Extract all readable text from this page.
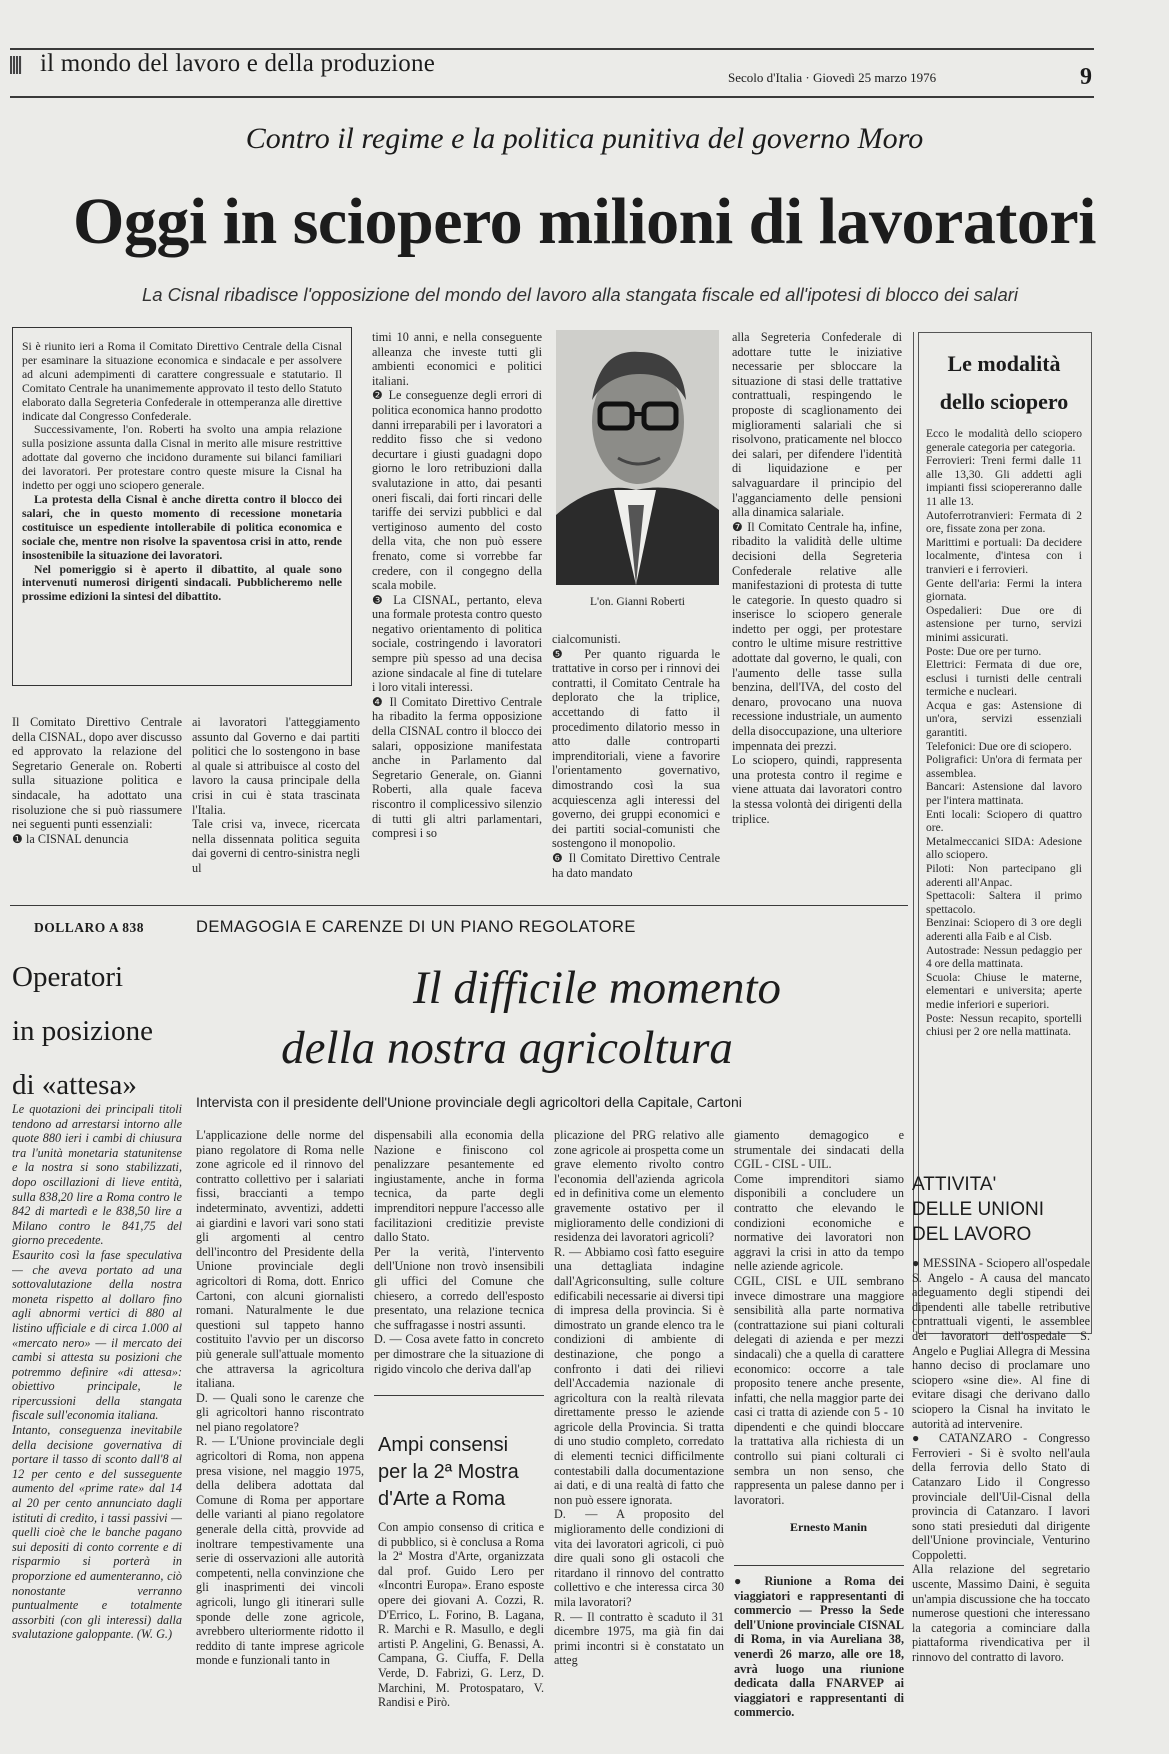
il mondo del lavoro e della produzione
Secolo d'Italia · Giovedì 25 marzo 1976	9
Contro il regime e la politica punitiva del governo Moro
Oggi in sciopero milioni di lavoratori
La Cisnal ribadisce l'opposizione del mondo del lavoro alla stangata fiscale ed all'ipotesi di blocco dei salari

Si è riunito ieri a Roma il Comitato Direttivo Centrale della Cisnal per esaminare la situazione economica e sindacale e per assolvere ad alcuni adempimenti di carattere congressuale e statutario. Il Comitato Centrale ha unanimemente approvato il testo dello Statuto elaborato dalla Segreteria Confederale in ottemperanza alle direttive indicate dal Congresso Confederale.

Successivamente, l'on. Roberti ha svolto una ampia relazione sulla posizione assunta dalla Cisnal in merito alle misure restrittive adottate dal governo che incidono duramente sui bilanci familiari dei lavoratori. Per protestare contro queste misure la Cisnal ha indetto per oggi uno sciopero generale.

La protesta della Cisnal è anche diretta contro il blocco dei salari, che in questo momento di recessione monetaria costituisce un espediente intollerabile di politica economica e sociale che, mentre non risolve la spaventosa crisi in atto, rende insostenibile la situazione dei lavoratori.

Nel pomeriggio si è aperto il dibattito, al quale sono intervenuti numerosi dirigenti sindacali. Pubblicheremo nelle prossime edizioni la sintesi del dibattito.

Il Comitato Direttivo Centrale della CISNAL, dopo aver discusso ed approvato la relazione del Segretario Generale on. Roberti sulla situazione politica e sindacale, ha adottato una risoluzione che si può riassumere nei seguenti punti essenziali:
❶ la CISNAL denuncia
ai lavoratori l'atteggiamento assunto dal Governo e dai partiti politici che lo sostengono in base al quale si attribuisce al costo del lavoro la causa principale della crisi in cui è stata trascinata l'Italia.
Tale crisi va, invece, ricercata nella dissennata politica seguita dai governi di centro-sinistra negli ul
timi 10 anni, e nella conseguente alleanza che investe tutti gli ambienti economici e politici italiani.
❷ Le conseguenze degli errori di politica economica hanno prodotto danni irreparabili per i lavoratori a reddito fisso che si vedono decurtare i giusti guadagni dopo giorno le loro retribuzioni dalla svalutazione in atto, dai pesanti oneri fiscali, dai forti rincari delle tariffe dei servizi pubblici e dal vertiginoso aumento del costo della vita, che non può essere frenato, come si vorrebbe far credere, con il congegno della scala mobile.
❸ La CISNAL, pertanto, eleva una formale protesta contro questo negativo orientamento di politica sociale, costringendo i lavoratori sempre più spesso ad una decisa azione sindacale al fine di tutelare i loro vitali interessi.
❹ Il Comitato Direttivo Centrale ha ribadito la ferma opposizione della CISNAL contro il blocco dei salari, opposizione manifestata anche in Parlamento dal Segretario Generale, on. Gianni Roberti, alla quale faceva riscontro il complicessivo silenzio di tutti gli altri parlamentari, compresi i so
L'on. Gianni Roberti
cialcomunisti.
❺ Per quanto riguarda le trattative in corso per i rinnovi dei contratti, il Comitato Centrale ha deplorato che la triplice, accettando di fatto il procedimento dilatorio messo in atto dalle controparti imprenditoriali, viene a favorire l'orientamento governativo, dimostrando così la sua acquiescenza agli interessi del governo, dei gruppi economici e dei partiti social-comunisti che sostengono il monopolio.
❻ Il Comitato Direttivo Centrale ha dato mandato
alla Segreteria Confederale di adottare tutte le iniziative necessarie per sbloccare la situazione di stasi delle trattative contrattuali, respingendo le proposte di scaglionamento dei miglioramenti salariali che si risolvono, praticamente nel blocco dei salari, per difendere l'identità di liquidazione e per salvaguardare il principio del l'agganciamento delle pensioni alla dinamica salariale.
❼ Il Comitato Centrale ha, infine, ribadito la validità delle ultime decisioni della Segreteria Confederale relative alle manifestazioni di protesta di tutte le categorie. In questo quadro si inserisce lo sciopero generale indetto per oggi, per protestare contro le ultime misure restrittive adottate dal governo, le quali, con l'aumento delle tasse sulla benzina, dell'IVA, del costo del denaro, provocano una nuova recessione industriale, un aumento della disoccupazione, una ulteriore impennata dei prezzi.
Lo sciopero, quindi, rappresenta una protesta contro il regime e viene attuata dai lavoratori contro la stessa volontà dei dirigenti della triplice.
Le modalità
dello sciopero
Ecco le modalità dello sciopero generale categoria per categoria.
Ferrovieri: Treni fermi dalle 11 alle 13,30. Gli addetti agli impianti fissi sciopereranno dalle 11 alle 13.
Autoferrotranvieri: Fermata di 2 ore, fissate zona per zona.
Marittimi e portuali: Da decidere localmente, d'intesa con i tranvieri e i ferrovieri.
Gente dell'aria: Fermi la intera giornata.
Ospedalieri: Due ore di astensione per turno, servizi minimi assicurati.
Poste: Due ore per turno.
Elettrici: Fermata di due ore, esclusi i turnisti delle centrali termiche e nucleari.
Acqua e gas: Astensione di un'ora, servizi essenziali garantiti.
Telefonici: Due ore di sciopero.
Poligrafici: Un'ora di fermata per assemblea.
Bancari: Astensione dal lavoro per l'intera mattinata.
Enti locali: Sciopero di quattro ore.
Metalmeccanici SIDA: Adesione allo sciopero.
Piloti: Non partecipano gli aderenti all'Anpac.
Spettacoli: Saltera il primo spettacolo.
Benzinai: Sciopero di 3 ore degli aderenti alla Faib e al Cisb.
Autostrade: Nessun pedaggio per 4 ore della mattinata.
Scuola: Chiuse le materne, elementari e universita; aperte medie inferiori e superiori.
Poste: Nessun recapito, sportelli chiusi per 2 ore nella mattinata.
DOLLARO A 838
Operatori
in posizione
di «attesa»
Le quotazioni dei principali titoli tendono ad arrestarsi intorno alle quote 880 ieri i cambi di chiusura tra l'unità monetaria statunitense e la nostra si sono stabilizzati, dopo oscillazioni di lieve entità, sulla 838,20 lire a Roma contro le 842 di martedì e le 838,50 lire a Milano contro le 841,75 del giorno precedente.
Esaurito così la fase speculativa — che aveva portato ad una sottovalutazione della nostra moneta rispetto al dollaro fino agli abnormi vertici di 880 al listino ufficiale e di circa 1.000 al «mercato nero» — il mercato dei cambi si attesta su posizioni che potremmo definire «di attesa»: obiettivo principale, le ripercussioni della stangata fiscale sull'economia italiana.
Intanto, conseguenza inevitabile della decisione governativa di portare il tasso di sconto dall'8 al 12 per cento e del susseguente aumento del «prime rate» dal 14 al 20 per cento annunciato dagli istituti di credito, i tassi passivi — quelli cioè che le banche pagano sui depositi di conto corrente e di risparmio si porterà in proporzione ed aumenteranno, ciò nonostante verranno puntualmente e totalmente assorbiti (con gli interessi) dalla svalutazione galoppante. (W. G.)
DEMAGOGIA E CARENZE DI UN PIANO REGOLATORE
Il difficile momento
della nostra agricoltura
Intervista con il presidente dell'Unione provinciale degli agricoltori della Capitale, Cartoni
L'applicazione delle norme del piano regolatore di Roma nelle zone agricole ed il rinnovo del contratto collettivo per i salariati fissi, braccianti a tempo indeterminato, avventizi, addetti ai giardini e lavori vari sono stati gli argomenti al centro dell'incontro del Presidente della Unione provinciale degli agricoltori di Roma, dott. Enrico Cartoni, con alcuni giornalisti romani. Naturalmente le due questioni sul tappeto hanno costituito l'avvio per un discorso più generale sull'attuale momento che attraversa la agricoltura italiana.
D. — Quali sono le carenze che gli agricoltori hanno riscontrato nel piano regolatore?
R. — L'Unione provinciale degli agricoltori di Roma, non appena presa visione, nel maggio 1975, della delibera adottata dal Comune di Roma per apportare delle varianti al piano regolatore generale della città, provvide ad inoltrare tempestivamente una serie di osservazioni alle autorità competenti, nella convinzione che gli inasprimenti dei vincoli agricoli, lungo gli itinerari sulle sponde delle zone agricole, avrebbero ulteriormente ridotto il reddito di tante imprese agricole monde e funzionali tanto in
dispensabili alla economia della Nazione e finiscono col penalizzare pesantemente ed ingiustamente, anche in forma tecnica, da parte degli imprenditori neppure l'accesso alle facilitazioni creditizie previste dallo Stato.
Per la verità, l'intervento dell'Unione non trovò insensibili gli uffici del Comune che chiesero, a corredo dell'esposto presentato, una relazione tecnica che suffragasse i nostri assunti.
D. — Cosa avete fatto in concreto per dimostrare che la situazione di rigido vincolo che deriva dall'ap
plicazione del PRG relativo alle zone agricole ai prospetta come un grave elemento rivolto contro l'economia dell'azienda agricola ed in definitiva come un elemento gravemente ostativo per il miglioramento delle condizioni di residenza dei lavoratori agricoli?
R. — Abbiamo così fatto eseguire una dettagliata indagine dall'Agriconsulting, sulle colture edificabili necessarie ai diversi tipi di impresa della provincia. Si è dimostrato un grande elenco tra le condizioni di ambiente di destinazione, che pongo a confronto i dati dei rilievi dell'Accademia nazionale di agricoltura con la realtà rilevata direttamente presso le aziende agricole della Provincia. Si tratta di uno studio completo, corredato di elementi tecnici difficilmente contestabili dalla documentazione ai dati, e di una realtà di fatto che non può essere ignorata.
D. — A proposito del miglioramento delle condizioni di vita dei lavoratori agricoli, ci può dire quali sono gli ostacoli che ritardano il rinnovo del contratto collettivo e che interessa circa 30 mila lavoratori?
R. — Il contratto è scaduto il 31 dicembre 1975, ma già fin dai primi incontri si è constatato un atteg
giamento demagogico e strumentale dei sindacati della CGIL - CISL - UIL.
Come imprenditori siamo disponibili a concludere un contratto che elevando le condizioni economiche e normative dei lavoratori non aggravi la crisi in atto da tempo nelle aziende agricole.
CGIL, CISL e UIL sembrano invece dimostrare una maggiore sensibilità alla parte normativa (contrattazione sui piani colturali delegati di azienda e per mezzi sindacali) che a quella di carattere economico: occorre a tale proposito tenere anche presente, infatti, che nella maggior parte dei casi ci tratta di aziende con 5 - 10 dipendenti e che quindi bloccare la trattativa alla richiesta di un controllo sui piani colturali ci sembra un non senso, che rappresenta un palese danno per i lavoratori.
Ernesto Manin
Ampi consensi
per la 2ª Mostra
d'Arte a Roma
Con ampio consenso di critica e di pubblico, si è conclusa a Roma la 2ª Mostra d'Arte, organizzata dal prof. Guido Lero per «Incontri Europa». Erano esposte opere dei giovani A. Cozzi, R. D'Errico, L. Forino, B. Lagana, R. Marchi e R. Masullo, e degli artisti P. Angelini, G. Benassi, A. Campana, G. Ciuffa, F. Della Verde, D. Fabrizi, G. Lerz, D. Marchini, M. Protospataro, V. Randisi e Pirò.
● Riunione a Roma dei viaggiatori e rappresentanti di commercio — Presso la Sede dell'Unione provinciale CISNAL di Roma, in via Aureliana 38, venerdì 26 marzo, alle ore 18, avrà luogo una riunione dedicata dalla FNARVEP ai viaggiatori e rappresentanti di commercio.
ATTIVITA'
DELLE UNIONI
DEL LAVORO
● MESSINA - Sciopero all'ospedale S. Angelo - A causa del mancato adeguamento degli stipendi dei dipendenti alle tabelle retributive contrattuali vigenti, le assemblee dei lavoratori dell'ospedale S. Angelo e Pugliai Allegra di Messina hanno deciso di proclamare uno sciopero «sine die». Al fine di evitare disagi che derivano dallo sciopero la Cisnal ha invitato le autorità ad intervenire.
● CATANZARO - Congresso Ferrovieri - Si è svolto nell'aula della ferrovia dello Stato di Catanzaro Lido il Congresso provinciale dell'Uil-Cisnal della provincia di Catanzaro. I lavori sono stati presieduti dal dirigente dell'Unione provinciale, Venturino Coppoletti.
Alla relazione del segretario uscente, Massimo Daini, è seguita un'ampia discussione che ha toccato numerose questioni che interessano la categoria a cominciare dalla piattaforma rivendicativa per il rinnovo del contratto di lavoro.
